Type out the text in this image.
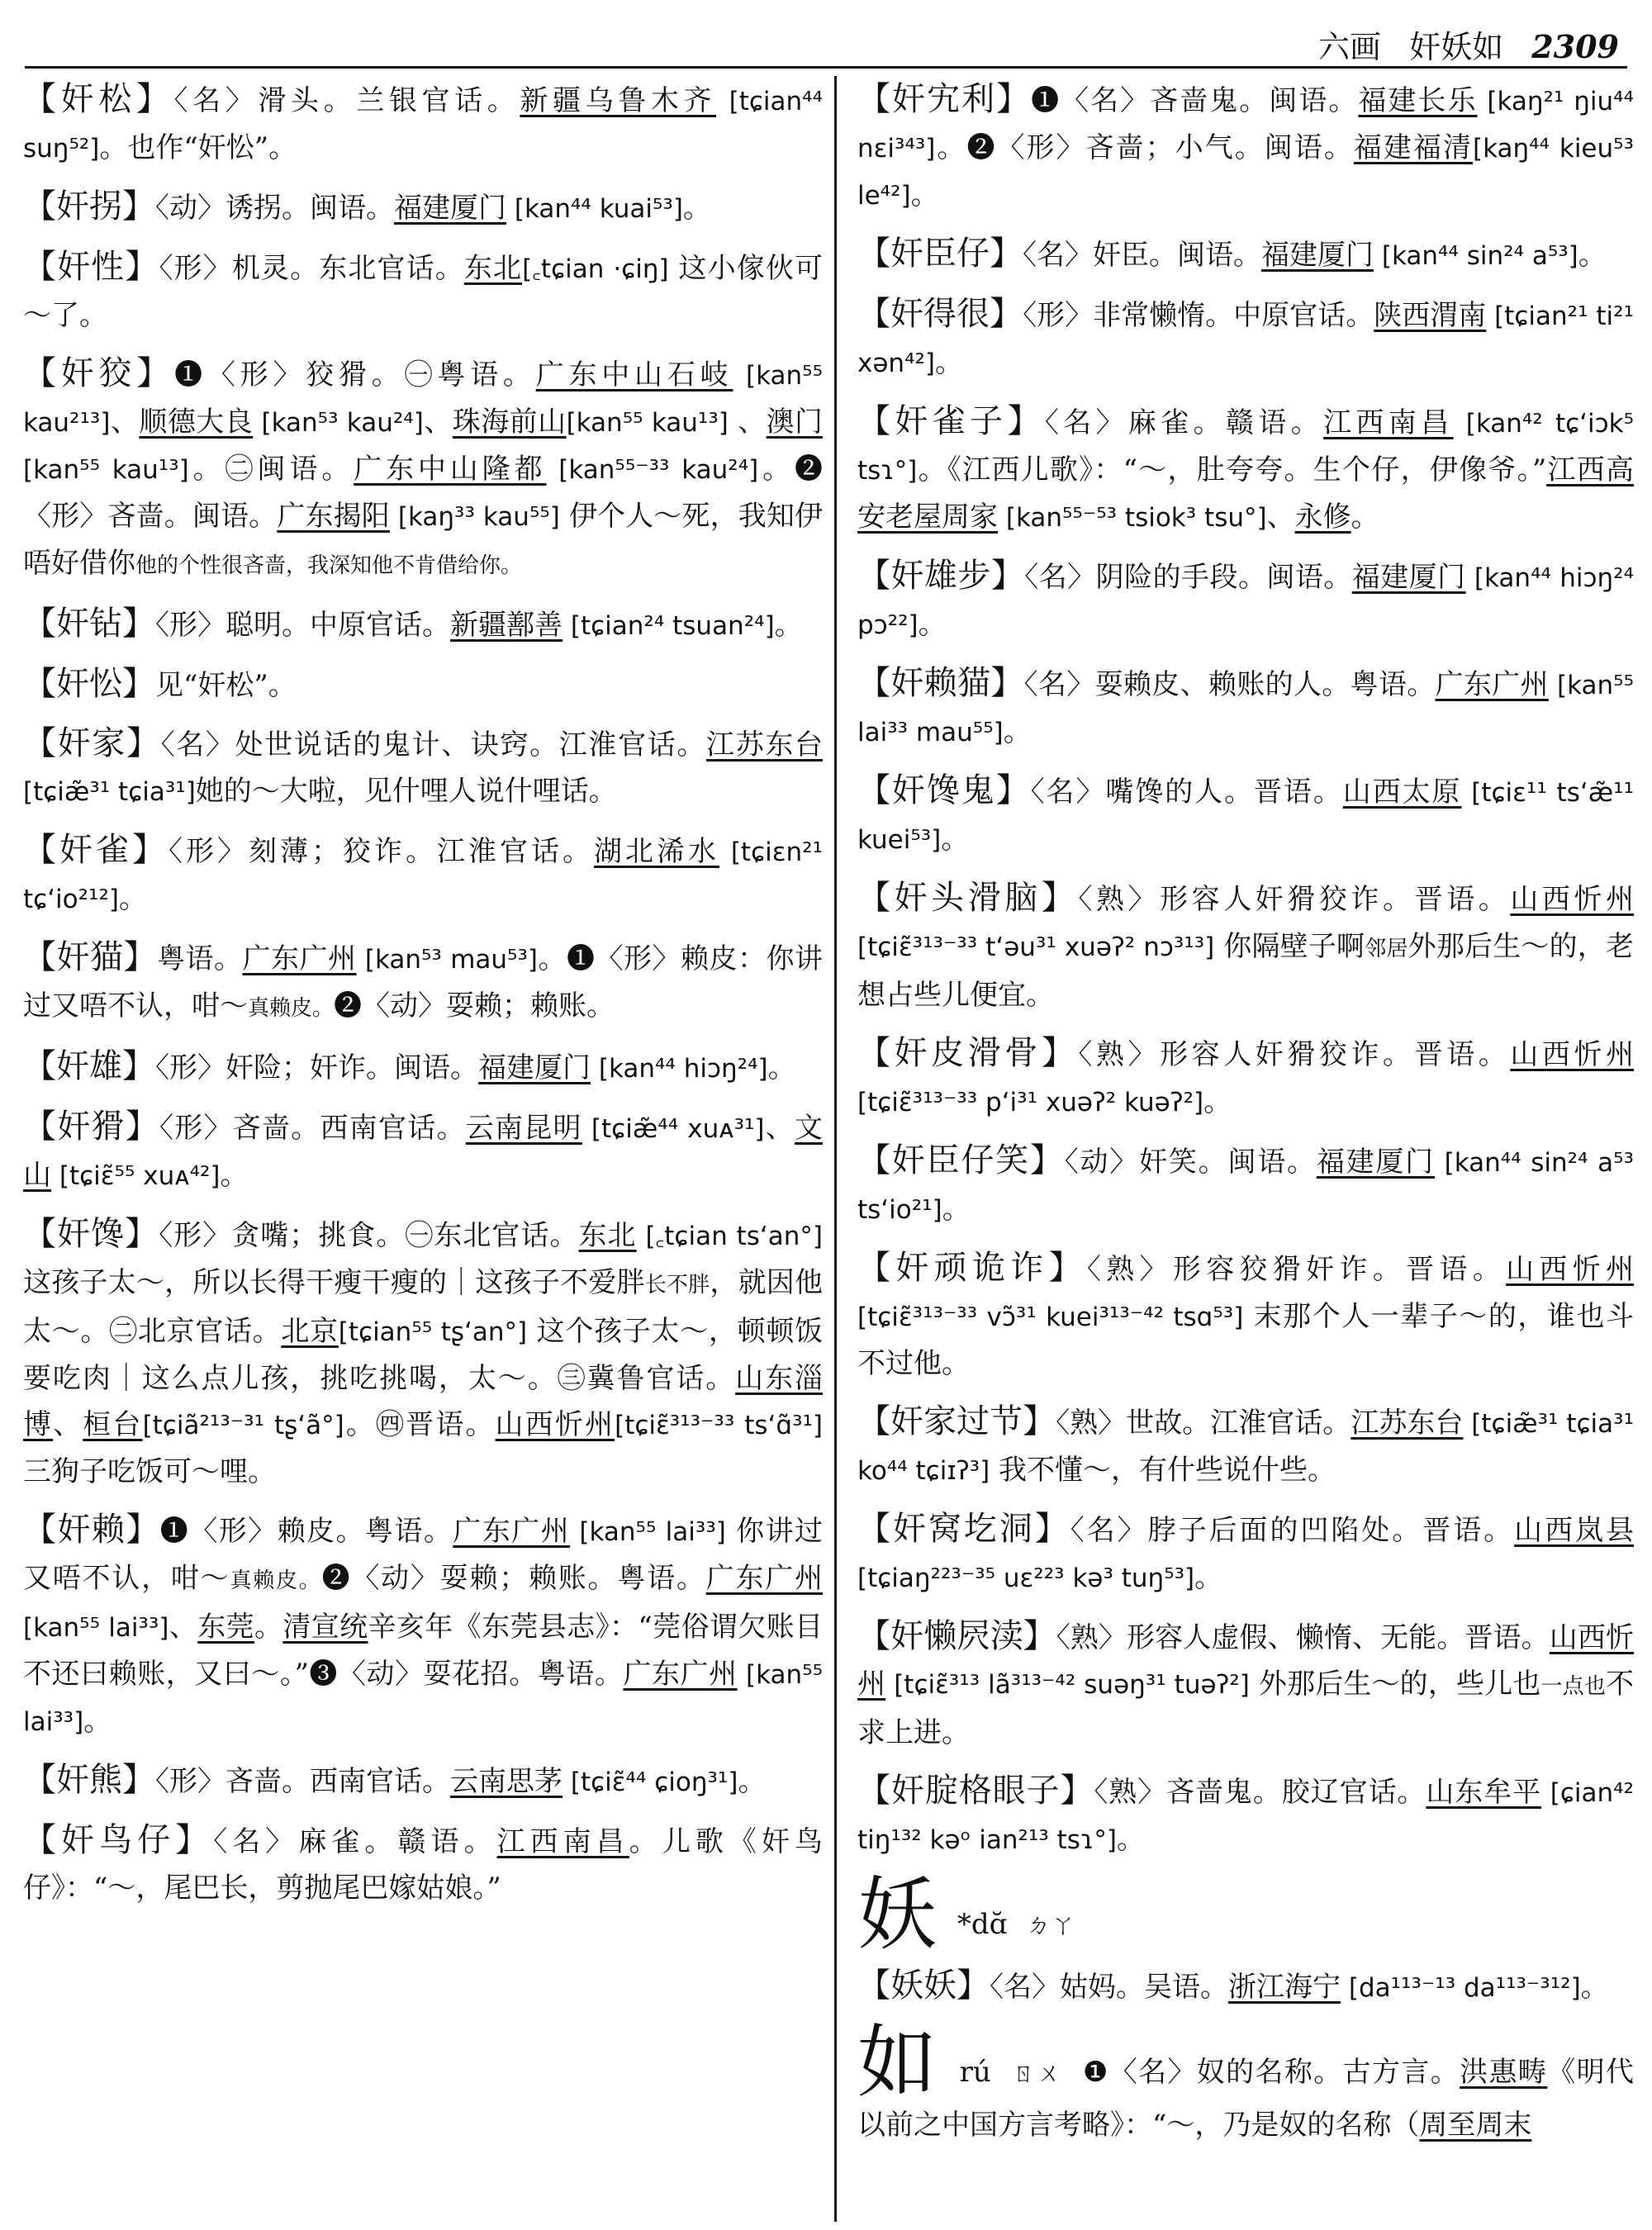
六画 奸妖如 2309

【奸松】〈名〉滑头。兰银官话。新疆乌鲁木齐 [tɕian⁴⁴ suŋ⁵²]。也作“奸忪”。

【奸拐】〈动〉诱拐。闽语。福建厦门 [kan⁴⁴ kuai⁵³]。

【奸性】〈形〉机灵。东北官话。东北[꜀tɕian ·ɕiŋ] 这小傢伙可～了。

【奸狡】❶〈形〉狡猾。㊀粤语。广东中山石岐 [kan⁵⁵ kau²¹³]、顺德大良 [kan⁵³ kau²⁴]、珠海前山[kan⁵⁵ kau¹³] 、澳门 [kan⁵⁵ kau¹³]。㊁闽语。广东中山隆都 [kan⁵⁵⁻³³ kau²⁴]。❷〈形〉吝啬。闽语。广东揭阳 [kaŋ³³ kau⁵⁵] 伊个人～死，我知伊唔好借你他的个性很吝啬，我深知他不肯借给你。

【奸钻】〈形〉聪明。中原官话。新疆鄯善 [tɕian²⁴ tsuan²⁴]。

【奸忪】见“奸松”。

【奸家】〈名〉处世说话的鬼计、诀窍。江淮官话。江苏东台[tɕiæ̃³¹ tɕia³¹]她的～大啦，见什哩人说什哩话。

【奸雀】〈形〉刻薄；狡诈。江淮官话。湖北浠水 [tɕiɛn²¹ tɕʻio²¹²]。

【奸猫】粤语。广东广州 [kan⁵³ mau⁵³]。❶〈形〉赖皮：你讲过又唔不认，咁～真赖皮。❷〈动〉耍赖；赖账。

【奸雄】〈形〉奸险；奸诈。闽语。福建厦门 [kan⁴⁴ hiɔŋ²⁴]。

【奸猾】〈形〉吝啬。西南官话。云南昆明 [tɕiæ̃⁴⁴ xuᴀ³¹]、文山 [tɕiɛ̃⁵⁵ xuᴀ⁴²]。

【奸馋】〈形〉贪嘴；挑食。㊀东北官话。东北 [꜀tɕian tsʻan°] 这孩子太～，所以长得干瘦干瘦的｜这孩子不爱胖长不胖，就因他太～。㊁北京官话。北京[tɕian⁵⁵ tʂʻan°] 这个孩子太～，顿顿饭要吃肉｜这么点儿孩，挑吃挑喝，太～。㊂冀鲁官话。山东淄博、桓台[tɕiã²¹³⁻³¹ tʂʻã°]。㊃晋语。山西忻州[tɕiɛ̃³¹³⁻³³ tsʻɑ̃³¹] 三狗子吃饭可～哩。

【奸赖】❶〈形〉赖皮。粤语。广东广州 [kan⁵⁵ lai³³] 你讲过又唔不认，咁～真赖皮。❷〈动〉耍赖；赖账。粤语。广东广州[kan⁵⁵ lai³³]、东莞。清宣统辛亥年《东莞县志》：“莞俗谓欠账目不还曰赖账，又曰～。”❸〈动〉耍花招。粤语。广东广州 [kan⁵⁵ lai³³]。

【奸熊】〈形〉吝啬。西南官话。云南思茅 [tɕiɛ̃⁴⁴ ɕioŋ³¹]。

【奸鸟仔】〈名〉麻雀。赣语。江西南昌。儿歌《奸鸟仔》：“～，尾巴长，剪抛尾巴嫁姑娘。”

【奸宄利】❶〈名〉吝啬鬼。闽语。福建长乐 [kaŋ²¹ ŋiu⁴⁴ nɛi³⁴³]。❷〈形〉吝啬；小气。闽语。福建福清[kaŋ⁴⁴ kieu⁵³ le⁴²]。

【奸臣仔】〈名〉奸臣。闽语。福建厦门 [kan⁴⁴ sin²⁴ a⁵³]。

【奸得很】〈形〉非常懒惰。中原官话。陕西渭南 [tɕian²¹ ti²¹ xən⁴²]。

【奸雀子】〈名〉麻雀。赣语。江西南昌 [kan⁴² tɕʻiɔk⁵ tsɿ°]。《江西儿歌》：“～，肚夸夸。生个仔，伊像爷。”江西高安老屋周家 [kan⁵⁵⁻⁵³ tsiok³ tsu°]、永修。

【奸雄步】〈名〉阴险的手段。闽语。福建厦门 [kan⁴⁴ hiɔŋ²⁴ pɔ²²]。

【奸赖猫】〈名〉耍赖皮、赖账的人。粤语。广东广州 [kan⁵⁵ lai³³ mau⁵⁵]。

【奸馋鬼】〈名〉嘴馋的人。晋语。山西太原 [tɕiɛ¹¹ tsʻæ̃¹¹ kuei⁵³]。

【奸头滑脑】〈熟〉形容人奸猾狡诈。晋语。山西忻州 [tɕiɛ̃³¹³⁻³³ tʻəu³¹ xuəʔ² nɔ³¹³] 你隔壁子啊邻居外那后生～的，老想占些儿便宜。

【奸皮滑骨】〈熟〉形容人奸猾狡诈。晋语。山西忻州 [tɕiɛ̃³¹³⁻³³ pʻi³¹ xuəʔ² kuəʔ²]。

【奸臣仔笑】〈动〉奸笑。闽语。福建厦门 [kan⁴⁴ sin²⁴ a⁵³ tsʻio²¹]。

【奸顽诡诈】〈熟〉形容狡猾奸诈。晋语。山西忻州 [tɕiɛ̃³¹³⁻³³ vɔ̃³¹ kuei³¹³⁻⁴² tsɑ⁵³] 末那个人一辈子～的，谁也斗不过他。

【奸家过节】〈熟〉世故。江淮官话。江苏东台 [tɕiæ̃³¹ tɕia³¹ ko⁴⁴ tɕiɪʔ³] 我不懂～，有什些说什些。

【奸窝圪洞】〈名〉脖子后面的凹陷处。晋语。山西岚县 [tɕiaŋ²²³⁻³⁵ uɛ²²³ kə³ tuŋ⁵³]。

【奸懒屄渎】〈熟〉形容人虚假、懒惰、无能。晋语。山西忻州 [tɕiɛ̃³¹³ lã³¹³⁻⁴² suəŋ³¹ tuəʔ²] 外那后生～的，些儿也一点也不求上进。

【奸腚格眼子】〈熟〉吝啬鬼。胶辽官话。山东牟平 [ɕian⁴² tiŋ¹³² kəᵒ ian²¹³ tsɿ°]。

妖 *dɑ̆ ㄉㄚ

【妖妖】〈名〉姑妈。吴语。浙江海宁 [da¹¹³⁻¹³ da¹¹³⁻³¹²]。

如 rú ㄖㄨ ❶〈名〉奴的名称。古方言。洪惠畴《明代以前之中国方言考略》：“～，乃是奴的名称（周至周末
